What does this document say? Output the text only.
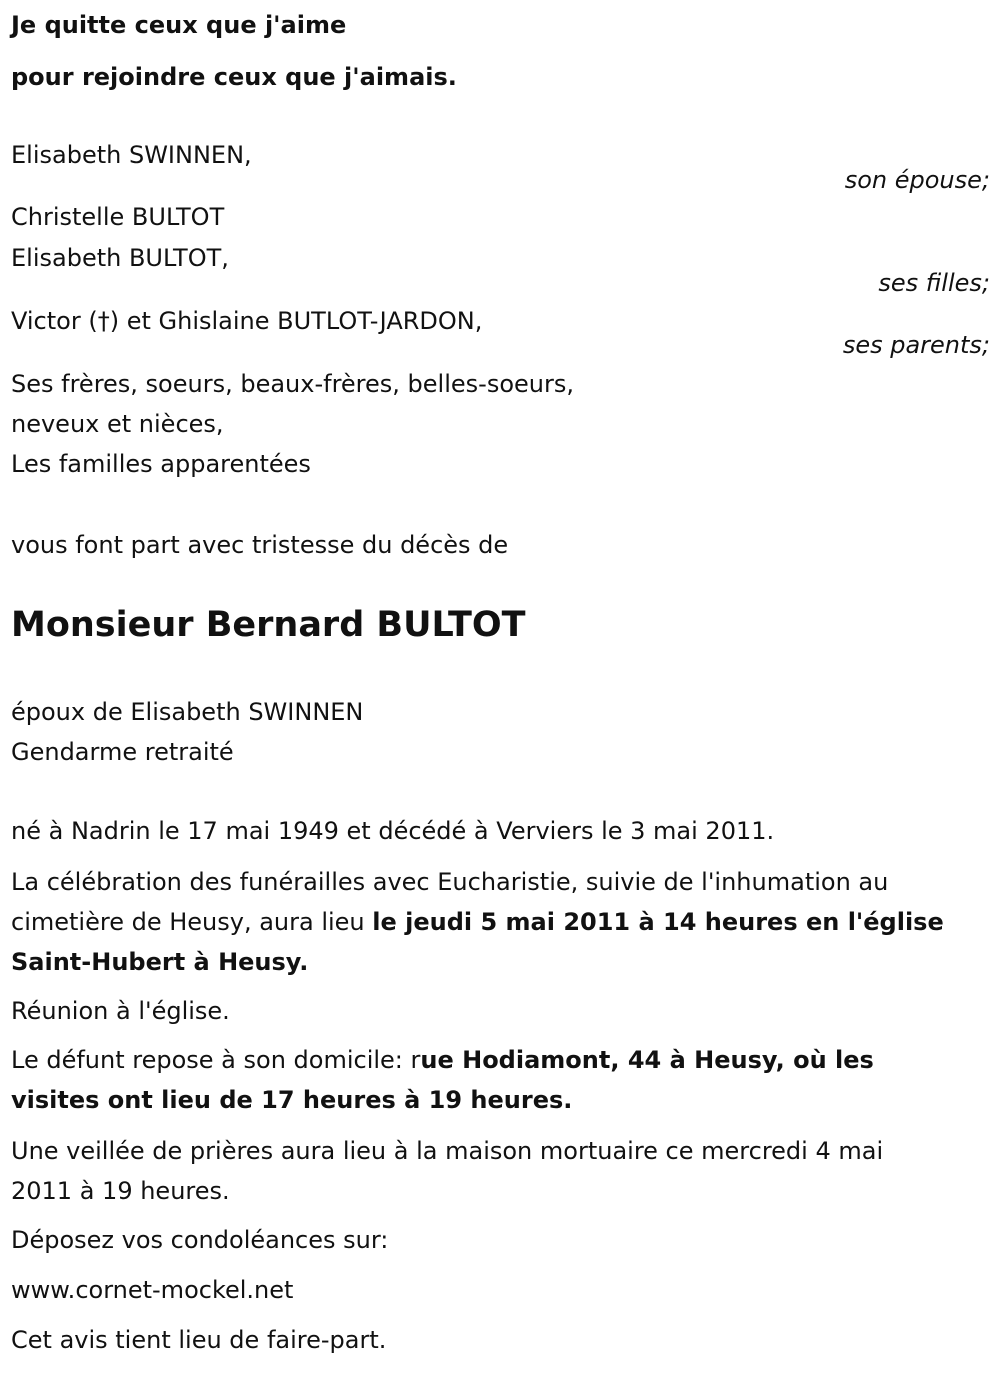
Je quitte ceux que j'aime
pour rejoindre ceux que j'aimais.
Elisabeth SWINNEN,
son épouse;
Christelle BULTOT
Elisabeth BULTOT,
ses filles;
Victor (†) et Ghislaine BUTLOT-JARDON,
ses parents;
Ses frères, soeurs, beaux-frères, belles-soeurs,
neveux et nièces,
Les familles apparentées
vous font part avec tristesse du décès de
Monsieur Bernard BULTOT
époux de Elisabeth SWINNEN
Gendarme retraité
né à Nadrin le 17 mai 1949 et décédé à Verviers le 3 mai 2011.
La célébration des funérailles avec Eucharistie, suivie de l'inhumation au
cimetière de Heusy, aura lieu le jeudi 5 mai 2011 à 14 heures en l'église
Saint-Hubert à Heusy.
Réunion à l'église.
Le défunt repose à son domicile: rue Hodiamont, 44 à Heusy, où les
visites ont lieu de 17 heures à 19 heures.
Une veillée de prières aura lieu à la maison mortuaire ce mercredi 4 mai
2011 à 19 heures.
Déposez vos condoléances sur:
www.cornet-mockel.net
Cet avis tient lieu de faire-part.
